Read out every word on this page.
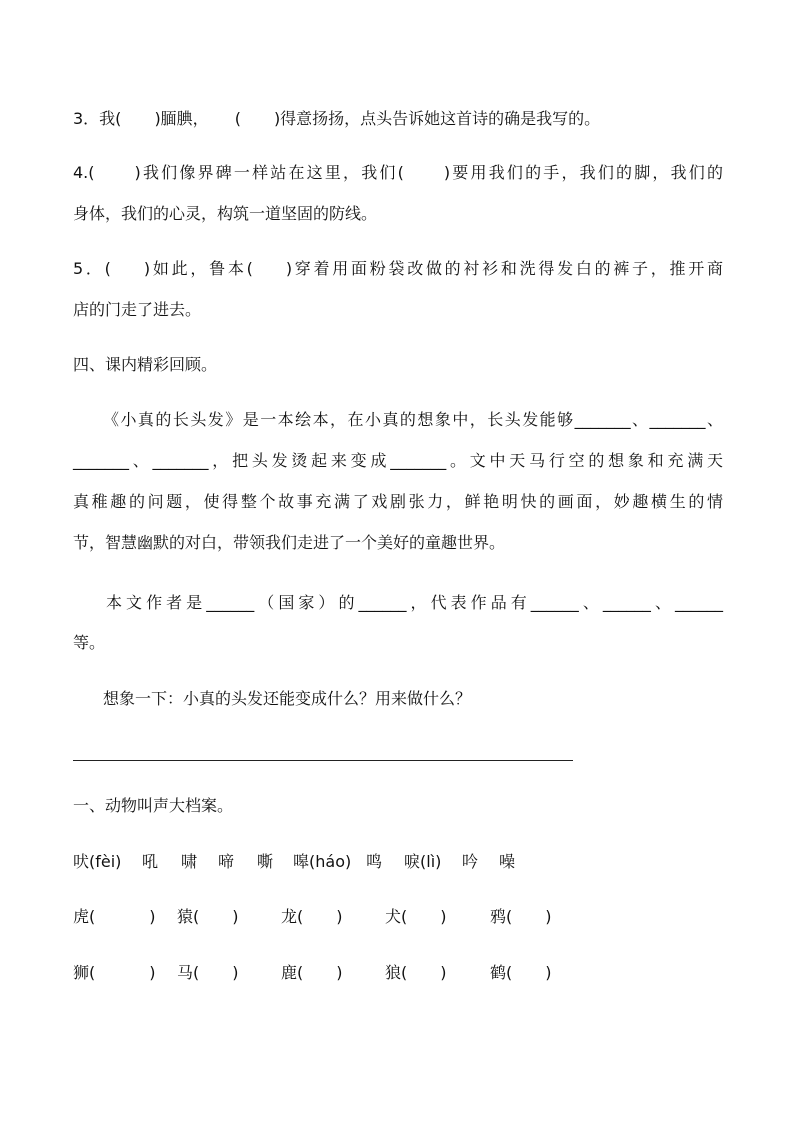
3．我( )腼腆， ( )得意扬扬，点头告诉她这首诗的确是我写的。
4.(	)我们像界碑一样站在这里，我们(	)要用我们的手，我们的脚，我们的
身体，我们的心灵，构筑一道坚固的防线。
5．( )如此，鲁本( )穿着用面粉袋改做的衬衫和洗得发白的裤子，推开商
店的门走了进去。
四、课内精彩回顾。
《小真的长头发》是一本绘本，在小真的想象中，长头发能够_______、_______、
_______、_______，把头发烫起来变成_______。文中天马行空的想象和充满天
真稚趣的问题，使得整个故事充满了戏剧张力，鲜艳明快的画面，妙趣横生的情
节，智慧幽默的对白，带领我们走进了一个美好的童趣世界。
本文作者是______（国家）的______，代表作品有______、______、______
等。
想象一下：小真的头发还能变成什么？用来做什么？
一、动物叫声大档案。
吠(fèi) 吼 啸 啼 嘶 嗥(háo) 鸣 唳(lì) 吟 噪
虎(	) 猿( )	龙( )	犬( )	鸦( )
狮(	) 马( )	鹿( )	狼( )	鹤( )
